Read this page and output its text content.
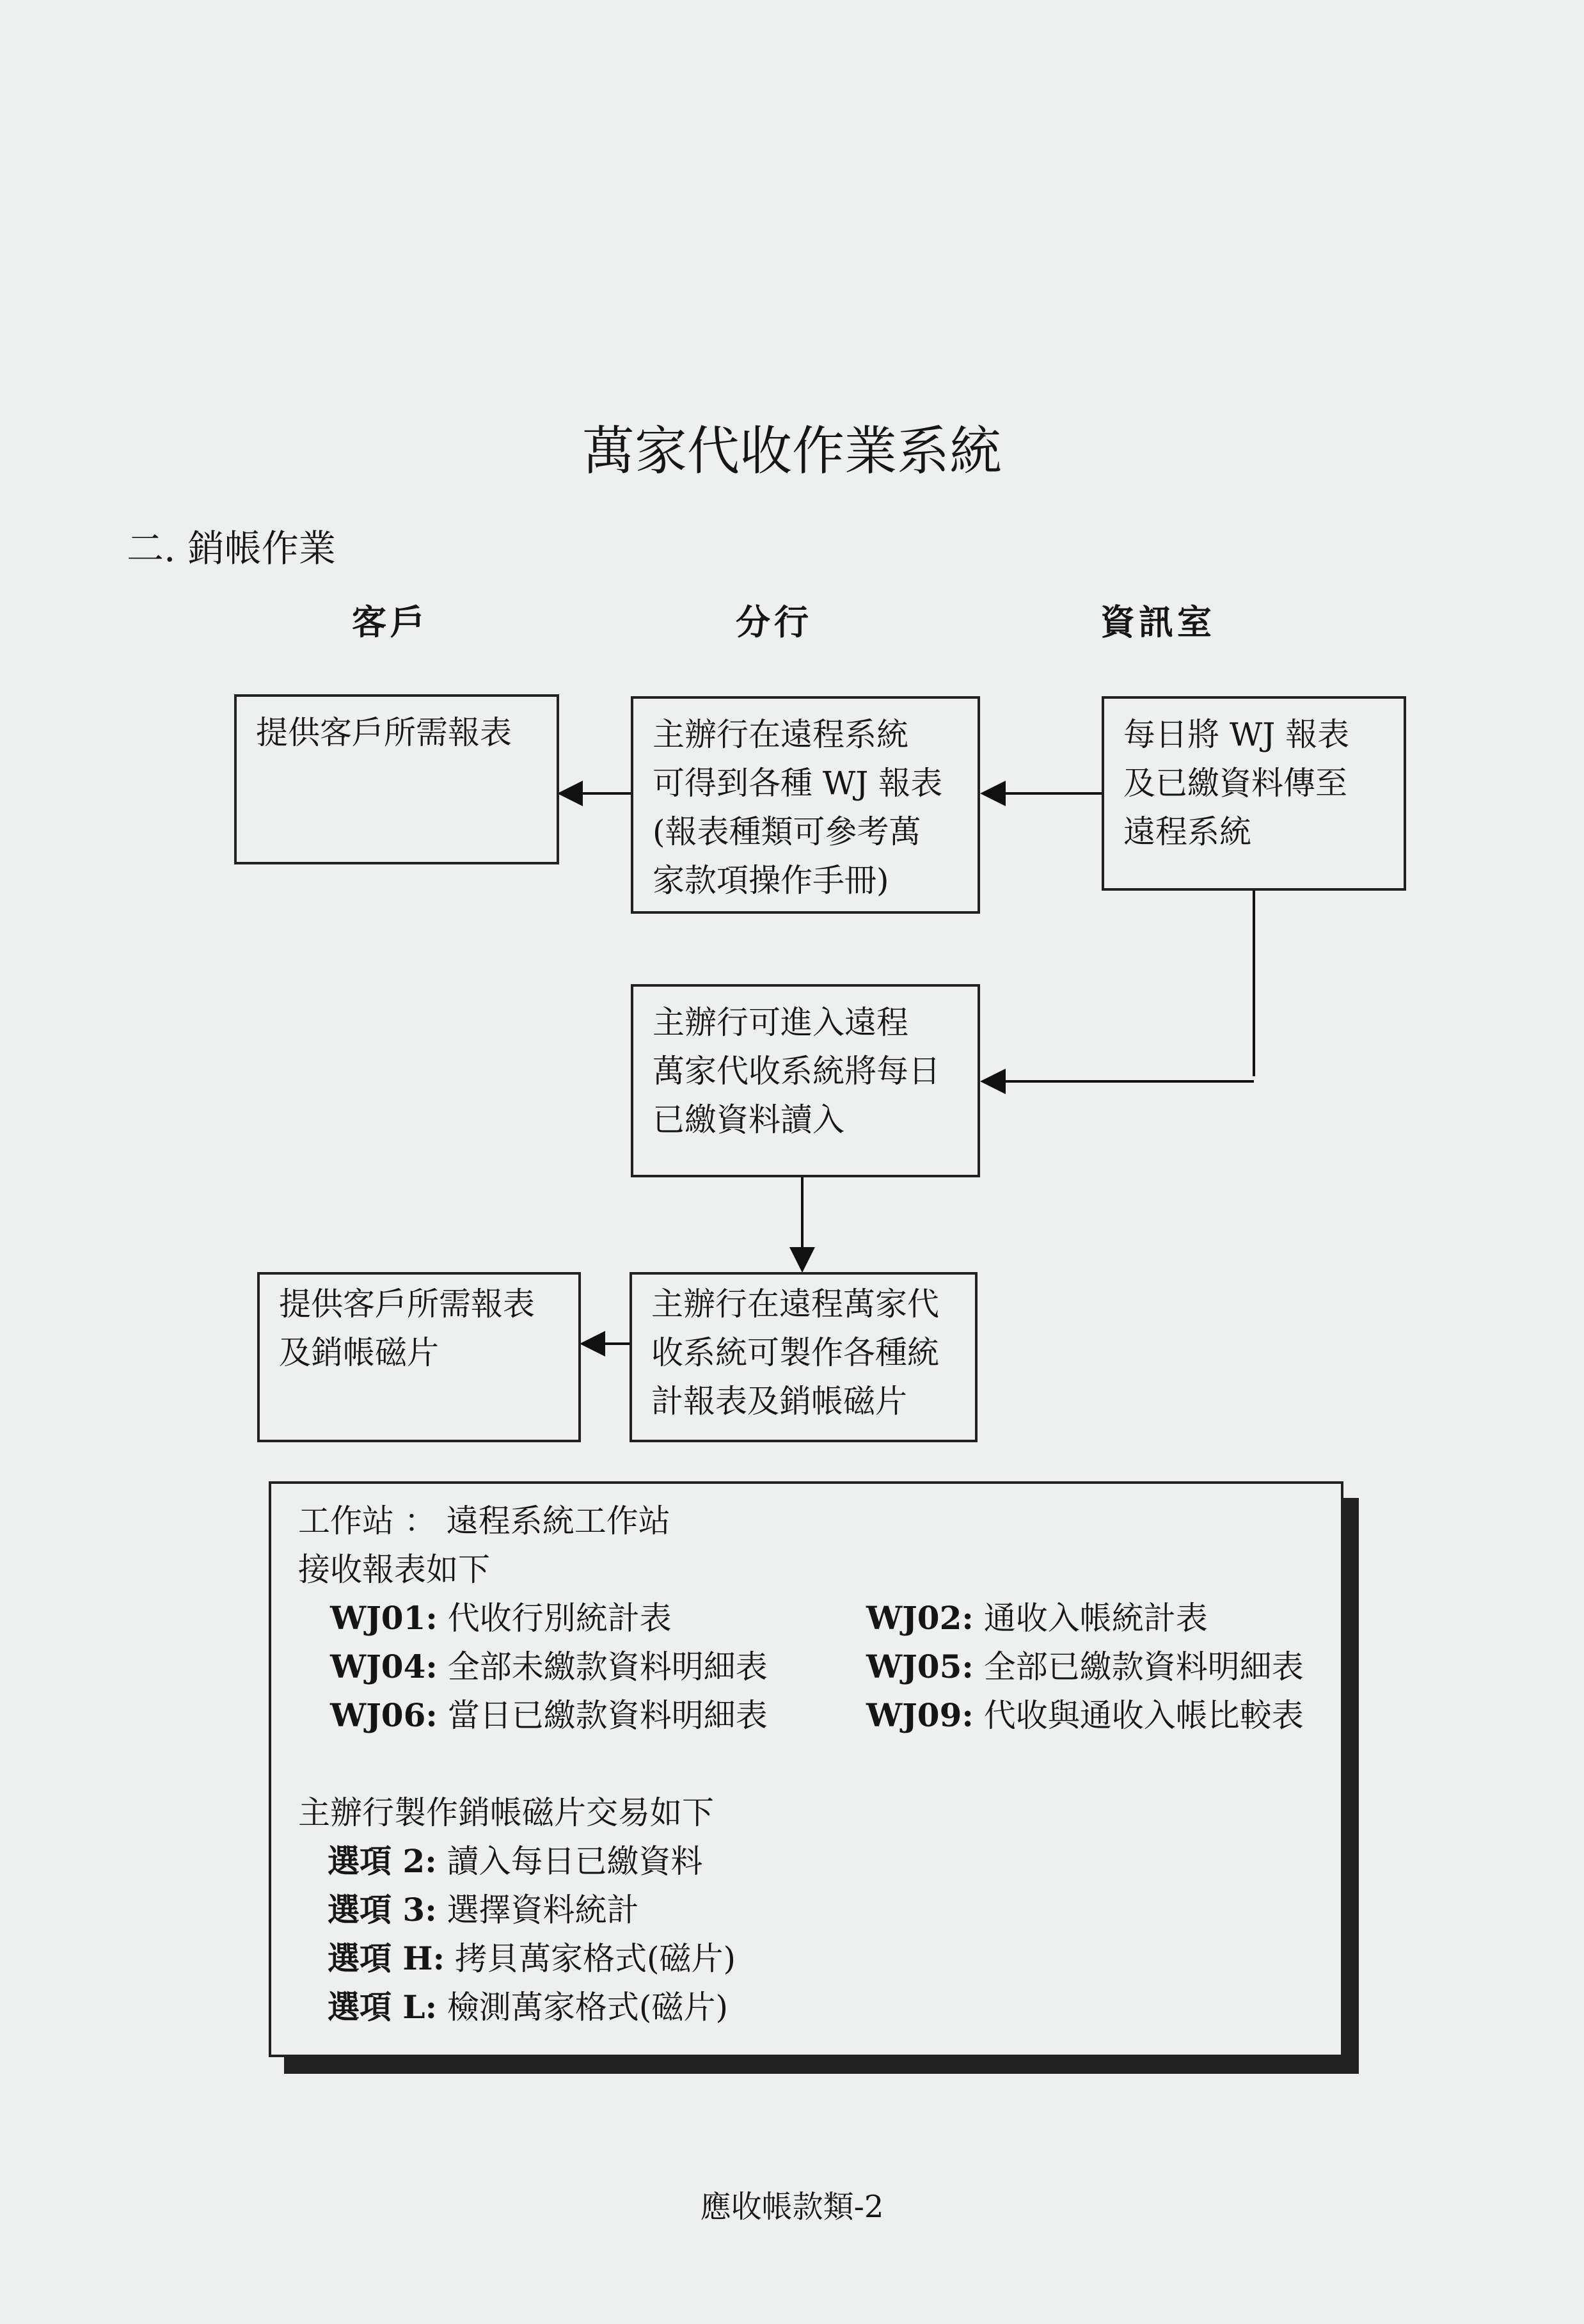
萬家代收作業系統
二. 銷帳作業
客戶	分行	資訊室
每日將 WJ 報表
及已繳資料傳至
遠程系統
主辦行在遠程系統
可得到各種 WJ 報表
(報表種類可參考萬
家款項操作手冊)
提供客戶所需報表
主辦行可進入遠程
萬家代收系統將每日
已繳資料讀入
主辦行在遠程萬家代
收系統可製作各種統
計報表及銷帳磁片
提供客戶所需報表
及銷帳磁片
工作站 ： 遠程系統工作站
接收報表如下
WJ01: 代收行別統計表	WJ02: 通收入帳統計表
WJ04: 全部未繳款資料明細表	WJ05: 全部已繳款資料明細表
WJ06: 當日已繳款資料明細表	WJ09: 代收與通收入帳比較表
主辦行製作銷帳磁片交易如下
選項 2: 讀入每日已繳資料
選項 3: 選擇資料統計
選項 H: 拷貝萬家格式(磁片)
選項 L: 檢測萬家格式(磁片)
應收帳款類-2
